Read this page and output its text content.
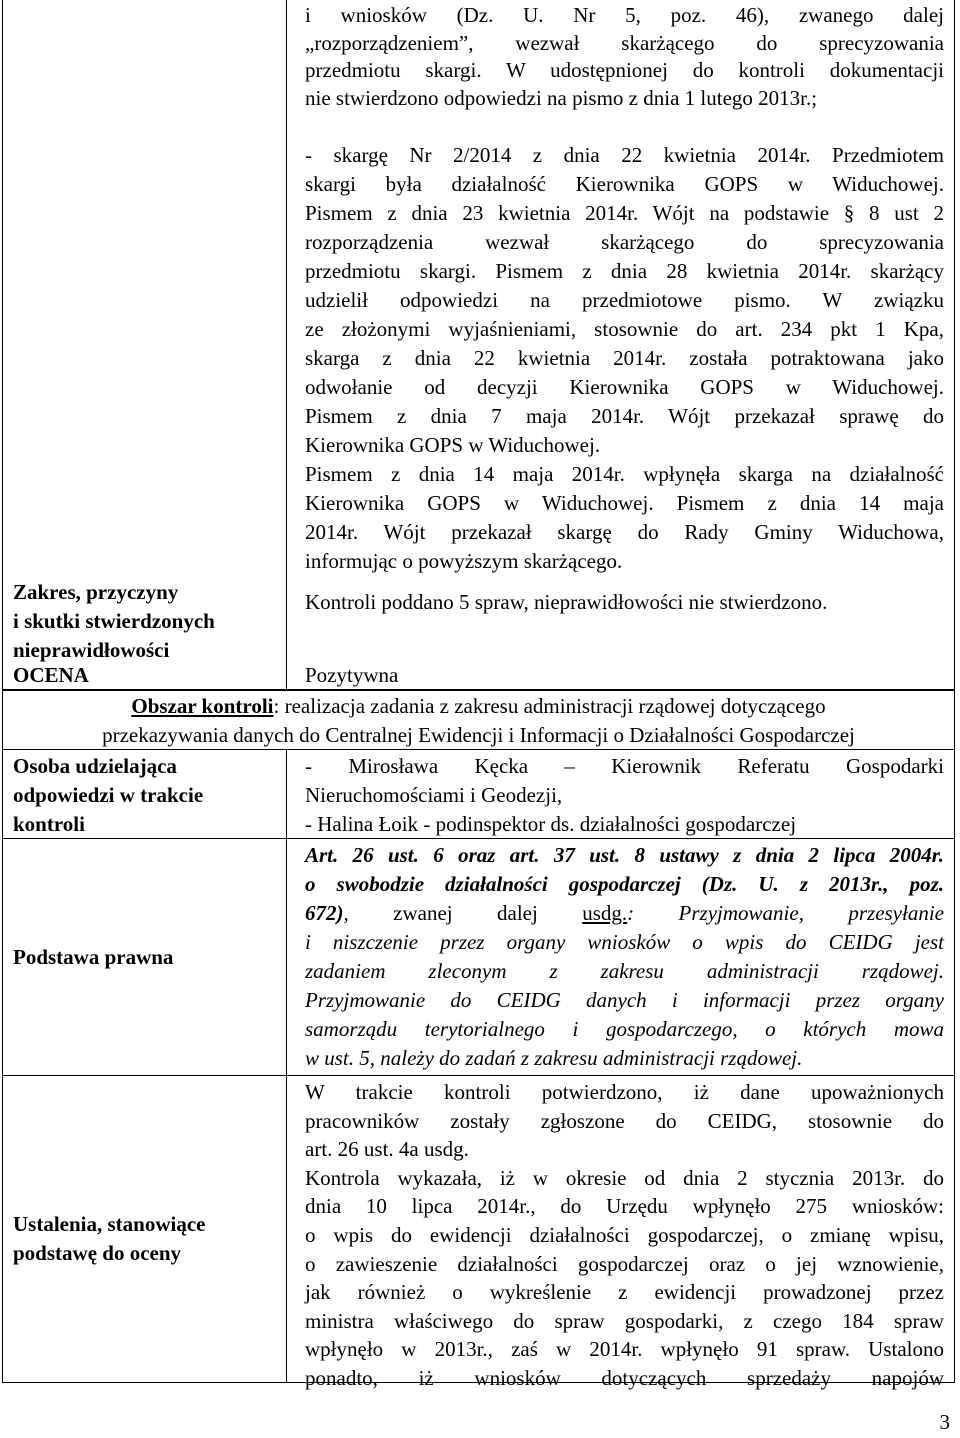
Zakres, przyczyny
i skutki stwierdzonych
nieprawidłowości
i wniosków (Dz. U. Nr 5, poz. 46), zwanego dalej
„rozporządzeniem”, wezwał skarżącego do sprecyzowania
przedmiotu skargi. W udostępnionej do kontroli dokumentacji
nie stwierdzono odpowiedzi na pismo z dnia 1 lutego 2013r.;
- skargę Nr 2/2014 z dnia 22 kwietnia 2014r. Przedmiotem
skargi była działalność Kierownika GOPS w Widuchowej.
Pismem z dnia 23 kwietnia 2014r. Wójt na podstawie § 8 ust 2
rozporządzenia wezwał skarżącego do sprecyzowania
przedmiotu skargi. Pismem z dnia 28 kwietnia 2014r. skarżący
udzielił odpowiedzi na przedmiotowe pismo. W związku
ze złożonymi wyjaśnieniami, stosownie do art. 234 pkt 1 Kpa,
skarga z dnia 22 kwietnia 2014r. została potraktowana jako
odwołanie od decyzji Kierownika GOPS w Widuchowej.
Pismem z dnia 7 maja 2014r. Wójt przekazał sprawę do
Kierownika GOPS w Widuchowej.
Pismem z dnia 14 maja 2014r. wpłynęła skarga na działalność
Kierownika GOPS w Widuchowej. Pismem z dnia 14 maja
2014r. Wójt przekazał skargę do Rady Gminy Widuchowa,
informując o powyższym skarżącego.
Kontroli poddano 5 spraw, nieprawidłowości nie stwierdzono.
OCENA	Pozytywna
Obszar kontroli: realizacja zadania z zakresu administracji rządowej dotyczącego
przekazywania danych do Centralnej Ewidencji i Informacji o Działalności Gospodarczej
Osoba udzielająca
odpowiedzi w trakcie
kontroli
- Mirosława Kęcka – Kierownik Referatu Gospodarki
Nieruchomościami i Geodezji,
- Halina Łoik - podinspektor ds. działalności gospodarczej
Podstawa prawna
Art. 26 ust. 6 oraz art. 37 ust. 8 ustawy z dnia 2 lipca 2004r.
o swobodzie działalności gospodarczej (Dz. U. z 2013r., poz.
672), zwanej dalej usdg.: Przyjmowanie, przesyłanie
i niszczenie przez organy wniosków o wpis do CEIDG jest
zadaniem zleconym z zakresu administracji rządowej.
Przyjmowanie do CEIDG danych i informacji przez organy
samorządu terytorialnego i gospodarczego, o których mowa
w ust. 5, należy do zadań z zakresu administracji rządowej.
Ustalenia, stanowiące
podstawę do oceny
W trakcie kontroli potwierdzono, iż dane upoważnionych
pracowników zostały zgłoszone do CEIDG, stosownie do
art. 26 ust. 4a usdg.
Kontrola wykazała, iż w okresie od dnia 2 stycznia 2013r. do
dnia 10 lipca 2014r., do Urzędu wpłynęło 275 wniosków:
o wpis do ewidencji działalności gospodarczej, o zmianę wpisu,
o zawieszenie działalności gospodarczej oraz o jej wznowienie,
jak również o wykreślenie z ewidencji prowadzonej przez
ministra właściwego do spraw gospodarki, z czego 184 spraw
wpłynęło w 2013r., zaś w 2014r. wpłynęło 91 spraw. Ustalono
ponadto, iż wniosków dotyczących sprzedaży napojów
3
